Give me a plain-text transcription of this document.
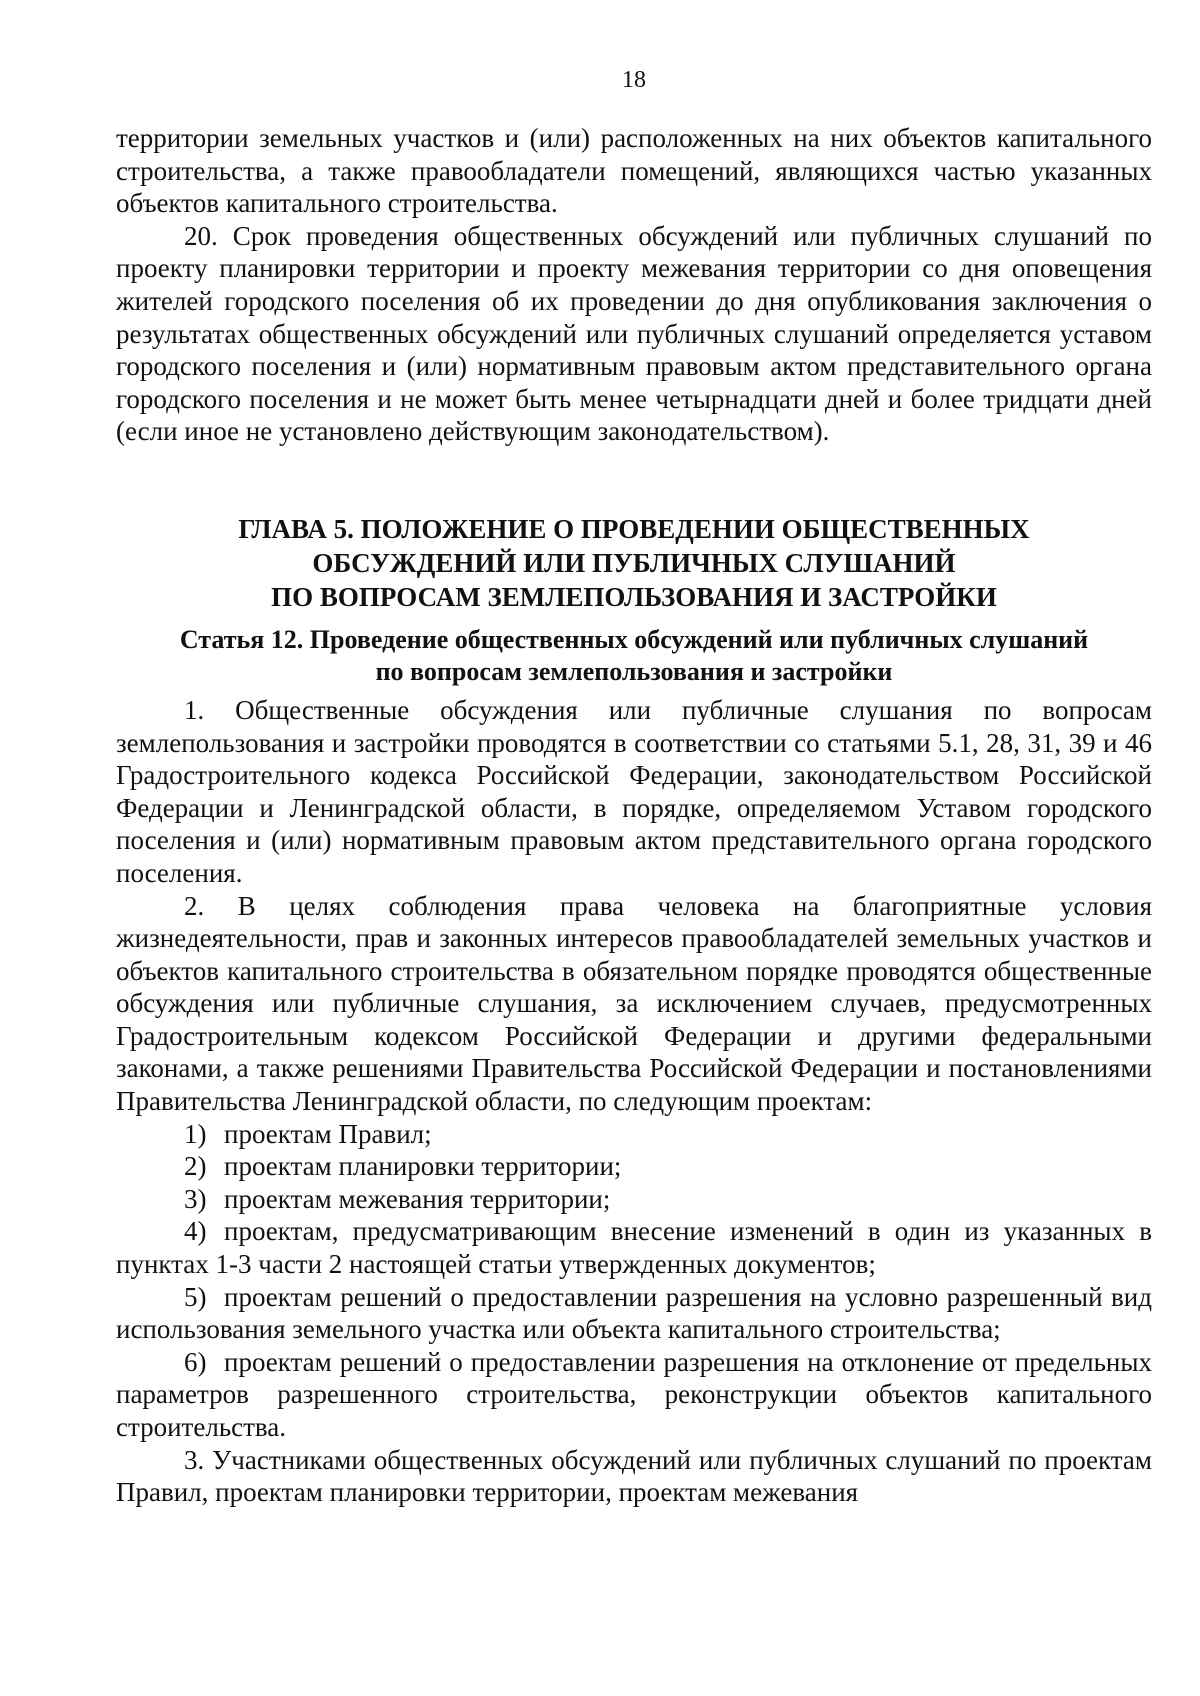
18

территории земельных участков и (или) расположенных на них объектов капитального строительства, а также правообладатели помещений, являющихся частью указанных объектов капитального строительства.

20. Срок проведения общественных обсуждений или публичных слушаний по проекту планировки территории и проекту межевания территории со дня оповещения жителей городского поселения об их проведении до дня опубликования заключения о результатах общественных обсуждений или публичных слушаний определяется уставом городского поселения и (или) нормативным правовым актом представительного органа городского поселения и не может быть менее четырнадцати дней и более тридцати дней (если иное не установлено действующим законодательством).

ГЛАВА 5. ПОЛОЖЕНИЕ О ПРОВЕДЕНИИ ОБЩЕСТВЕННЫХ
ОБСУЖДЕНИЙ ИЛИ ПУБЛИЧНЫХ СЛУШАНИЙ
ПО ВОПРОСАМ ЗЕМЛЕПОЛЬЗОВАНИЯ И ЗАСТРОЙКИ
Статья 12. Проведение общественных обсуждений или публичных слушаний
по вопросам землепользования и застройки

1. Общественные обсуждения или публичные слушания по вопросам землепользования и застройки проводятся в соответствии со статьями 5.1, 28, 31, 39 и 46 Градостроительного кодекса Российской Федерации, законодательством Российской Федерации и Ленинградской области, в порядке, определяемом Уставом городского поселения и (или) нормативным правовым актом представительного органа городского поселения.

2. В целях соблюдения права человека на благоприятные условия жизнедеятельности, прав и законных интересов правообладателей земельных участков и объектов капитального строительства в обязательном порядке проводятся общественные обсуждения или публичные слушания, за исключением случаев, предусмотренных Градостроительным кодексом Российской Федерации и другими федеральными законами, а также решениями Правительства Российской Федерации и постановлениями Правительства Ленинградской области, по следующим проектам:

1) проектам Правил;

2) проектам планировки территории;

3) проектам межевания территории;

4) проектам, предусматривающим внесение изменений в один из указанных в пунктах 1-3 части 2 настоящей статьи утвержденных документов;

5) проектам решений о предоставлении разрешения на условно разрешенный вид использования земельного участка или объекта капитального строительства;

6) проектам решений о предоставлении разрешения на отклонение от предельных параметров разрешенного строительства, реконструкции объектов капитального строительства.

3. Участниками общественных обсуждений или публичных слушаний по проектам Правил, проектам планировки территории, проектам межевания
